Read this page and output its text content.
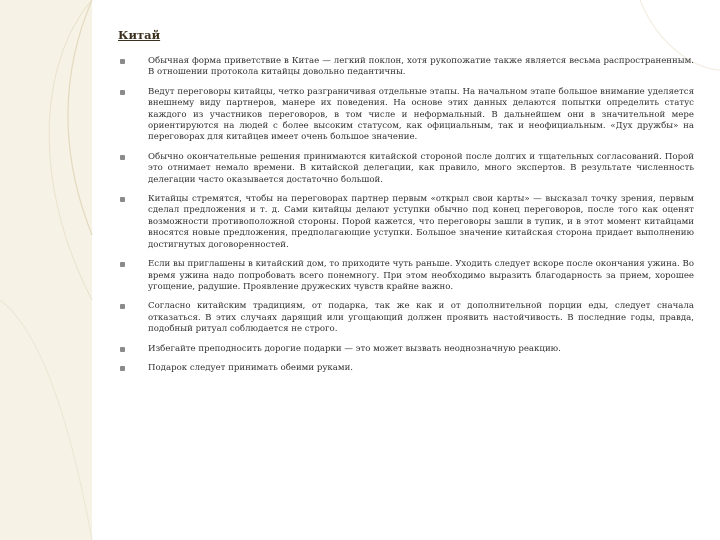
Китай
Обычная форма приветствие в Китае — легкий поклон, хотя рукопожатие также является весьма распространенным. В отношении протокола китайцы довольно педантичны.
Ведут переговоры китайцы, четко разграничивая отдельные этапы. На начальном этапе большое внимание уделяется внешнему виду партнеров, манере их поведения. На основе этих данных делаются попытки определить статус каждого из участников переговоров, в том числе и неформальный. В дальнейшем они в значительной мере ориентируются на людей с более высоким статусом, как официальным, так и неофициальным. «Дух дружбы» на переговорах для китайцев имеет очень большое значение.
Обычно окончательные решения принимаются китайской стороной после долгих и тщательных согласований. Порой это отнимает немало времени. В китайской делегации, как правило, много экспертов. В результате численность делегации часто оказывается достаточно большой.
Китайцы стремятся, чтобы на переговорах партнер первым «открыл свои карты» — высказал точку зрения, первым сделал предложения и т. д. Сами китайцы делают уступки обычно под конец переговоров, после того как оценят возможности противоположной стороны. Порой кажется, что переговоры зашли в тупик, и в этот момент китайцами вносятся новые предложения, предполагающие уступки. Большое значение китайская сторона придает выполнению достигнутых договоренностей.
Если вы приглашены в китайский дом, то приходите чуть раньше. Уходить следует вскоре после окончания ужина. Во время ужина надо попробовать всего понемногу. При этом необходимо выразить благодарность за прием, хорошее угощение, радушие. Проявление дружеских чувств крайне важно.
Согласно китайским традициям, от подарка, так же как и от дополнительной порции еды, следует сначала отказаться. В этих случаях дарящий или угощающий должен проявить настойчивость. В последние годы, правда, подобный ритуал соблюдается не строго.
Избегайте преподносить дорогие подарки — это может вызвать неоднозначную реакцию.
Подарок следует принимать обеими руками.
